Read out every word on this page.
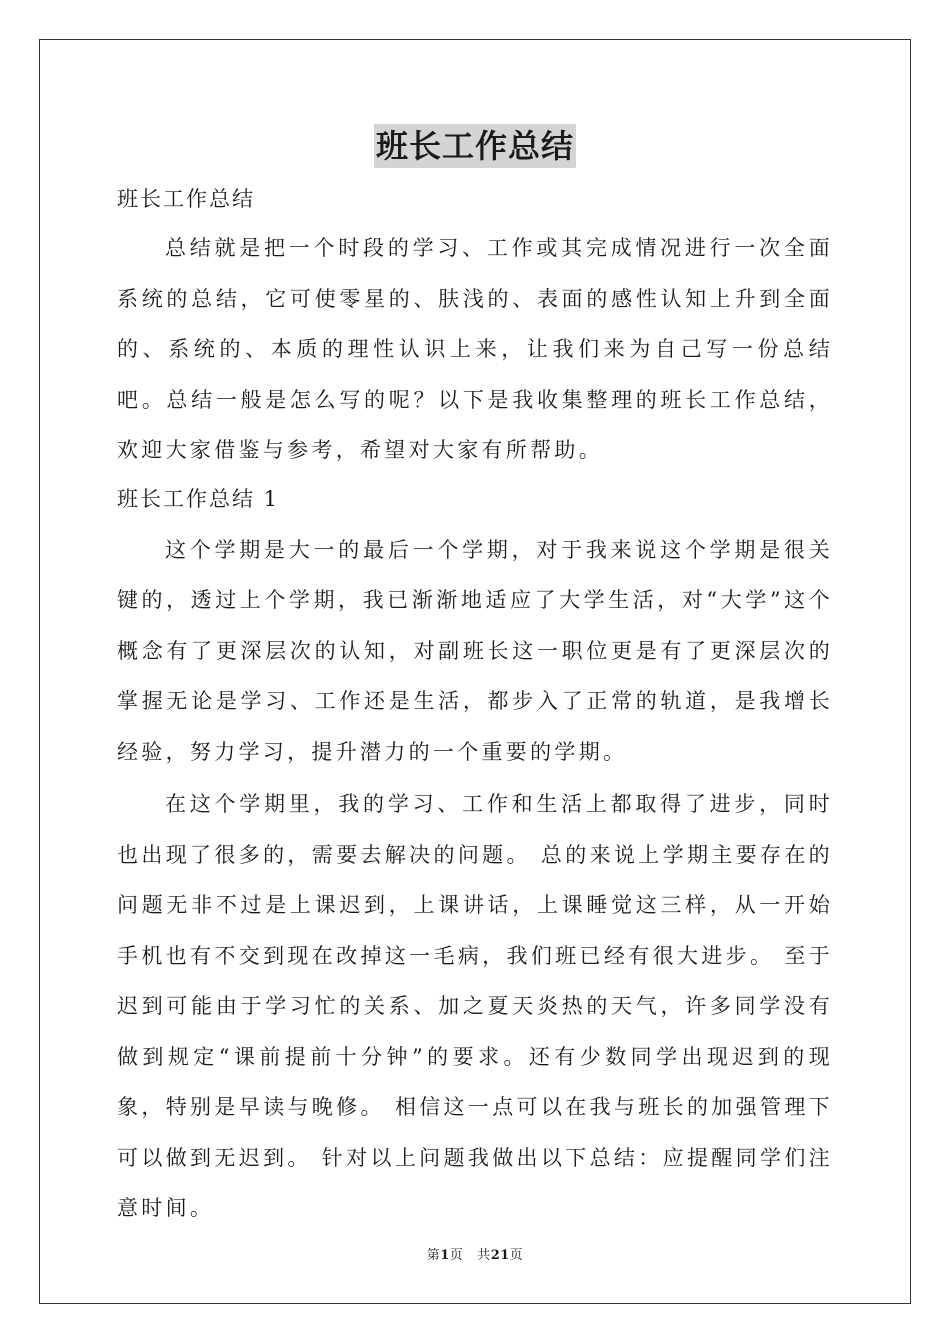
班长工作总结

班长工作总结

总结就是把一个时段的学习、工作或其完成情况进行一次全面系统的总结，它可使零星的、肤浅的、表面的感性认知上升到全面的、系统的、本质的理性认识上来，让我们来为自己写一份总结吧。总结一般是怎么写的呢？以下是我收集整理的班长工作总结，欢迎大家借鉴与参考，希望对大家有所帮助。

班长工作总结 1

这个学期是大一的最后一个学期，对于我来说这个学期是很关键的，透过上个学期，我已渐渐地适应了大学生活，对“大学”这个概念有了更深层次的认知，对副班长这一职位更是有了更深层次的掌握无论是学习、工作还是生活，都步入了正常的轨道，是我增长经验，努力学习，提升潜力的一个重要的学期。

在这个学期里，我的学习、工作和生活上都取得了进步，同时也出现了很多的，需要去解决的问题。 总的来说上学期主要存在的问题无非不过是上课迟到，上课讲话，上课睡觉这三样，从一开始手机也有不交到现在改掉这一毛病，我们班已经有很大进步。 至于迟到可能由于学习忙的关系、加之夏天炎热的天气，许多同学没有做到规定“课前提前十分钟”的要求。还有少数同学出现迟到的现象，特别是早读与晚修。 相信这一点可以在我与班长的加强管理下可以做到无迟到。 针对以上问题我做出以下总结：应提醒同学们注意时间。

第1页 共21页
